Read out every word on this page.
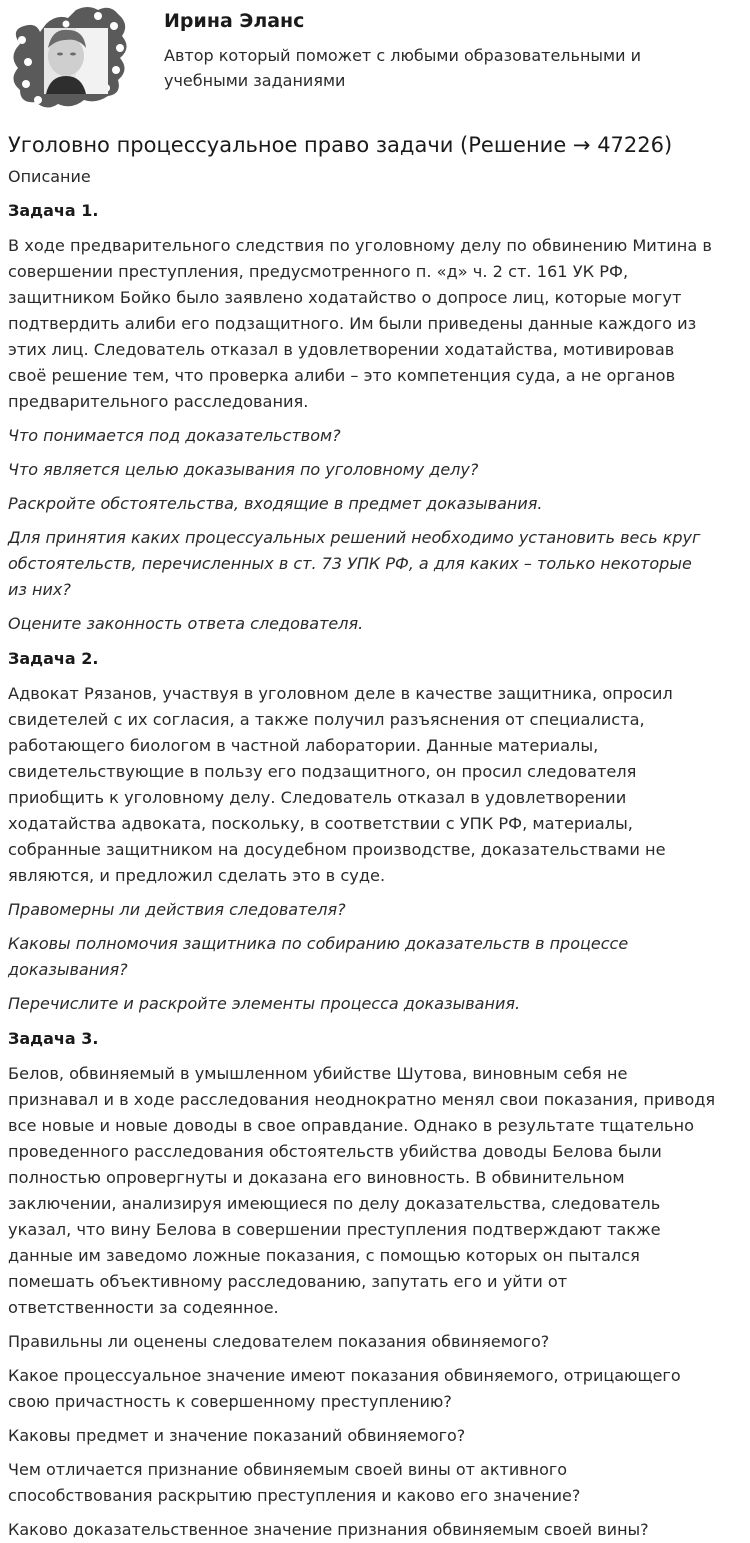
Ирина Эланс

Автор который поможет с любыми образовательными и
учебными заданиями

Уголовно процессуальное право задачи (Решение → 47226)
Описание
Задача 1.
В ходе предварительного следствия по уголовному делу по обвинению Митина в
совершении преступления, предусмотренного п. «д» ч. 2 ст. 161 УК РФ,
защитником Бойко было заявлено ходатайство о допросе лиц, которые могут
подтвердить алиби его подзащитного. Им были приведены данные каждого из
этих лиц. Следователь отказал в удовлетворении ходатайства, мотивировав
своё решение тем, что проверка алиби – это компетенция суда, а не органов
предварительного расследования.
Что понимается под доказательством?
Что является целью доказывания по уголовному делу?
Раскройте обстоятельства, входящие в предмет доказывания.
Для принятия каких процессуальных решений необходимо установить весь круг
обстоятельств, перечисленных в ст. 73 УПК РФ, а для каких – только некоторые
из них?
Оцените законность ответа следователя.
Задача 2.
Адвокат Рязанов, участвуя в уголовном деле в качестве защитника, опросил
свидетелей с их согласия, а также получил разъяснения от специалиста,
работающего биологом в частной лаборатории. Данные материалы,
свидетельствующие в пользу его подзащитного, он просил следователя
приобщить к уголовному делу. Следователь отказал в удовлетворении
ходатайства адвоката, поскольку, в соответствии с УПК РФ, материалы,
собранные защитником на досудебном производстве, доказательствами не
являются, и предложил сделать это в суде.
Правомерны ли действия следователя?
Каковы полномочия защитника по собиранию доказательств в процессе
доказывания?
Перечислите и раскройте элементы процесса доказывания.
Задача 3.
Белов, обвиняемый в умышленном убийстве Шутова, виновным себя не
признавал и в ходе расследования неоднократно менял свои показания, приводя
все новые и новые доводы в свое оправдание. Однако в результате тщательно
проведенного расследования обстоятельств убийства доводы Белова были
полностью опровергнуты и доказана его виновность. В обвинительном
заключении, анализируя имеющиеся по делу доказательства, следователь
указал, что вину Белова в совершении преступления подтверждают также
данные им заведомо ложные показания, с помощью которых он пытался
помешать объективному расследованию, запутать его и уйти от
ответственности за содеянное.
Правильны ли оценены следователем показания обвиняемого?
Какое процессуальное значение имеют показания обвиняемого, отрицающего
свою причастность к совершенному преступлению?
Каковы предмет и значение показаний обвиняемого?
Чем отличается признание обвиняемым своей вины от активного
способствования раскрытию преступления и каково его значение?
Каково доказательственное значение признания обвиняемым своей вины?
